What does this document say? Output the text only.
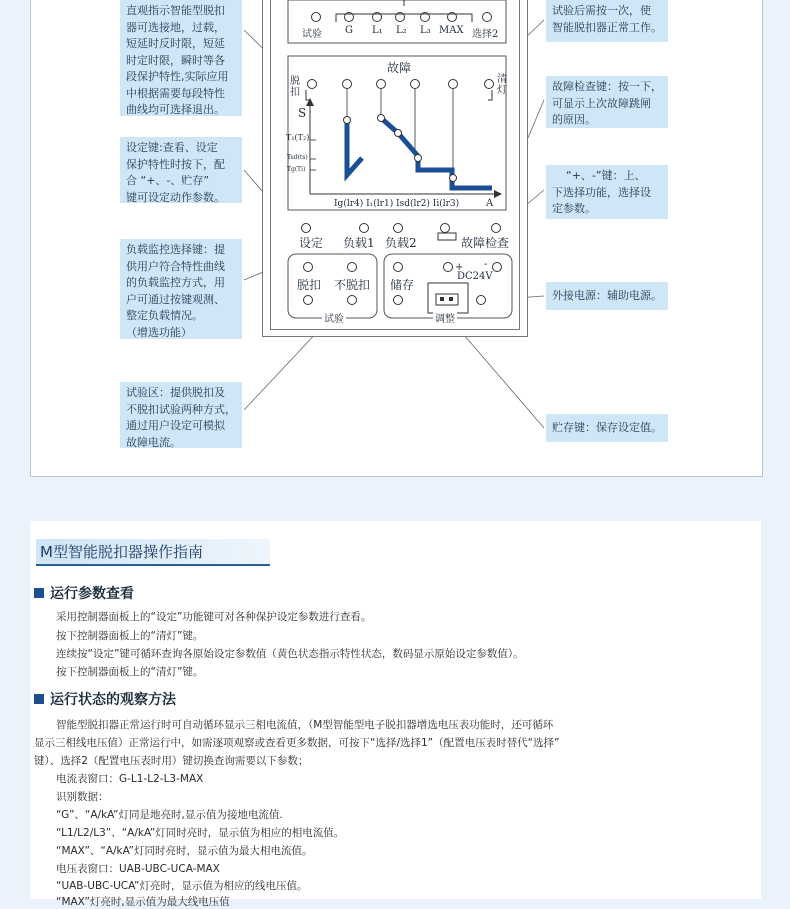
直观指示智能型脱扣
器可选接地，过载，
短延时反时限，短延
时定时限，瞬时等各
段保护特性,实际应用
中根据需要每段特性
曲线均可选择退出。
设定键:查看、设定
保护特性时按下，配
合 “+、-、贮存”
键可设定动作参数。
负载监控选择键：提
供用户符合特性曲线
的负载监控方式，用
户可通过按键观测、
整定负载情况。
（增选功能）
试验区：提供脱扣及
不脱扣试验两种方式，
通过用户设定可模拟
故障电流。
试验后需按一次，使
智能脱扣器正常工作。
故障检查键：按一下，
可显示上次故障跳闸
的原因。
“+、-”键：上、
下选择功能，选择设
定参数。
外接电源：辅助电源。
贮存键：保存设定值。
试验 G L₁ L₂ L₃ MAX 选择2
故障
脱
扣
清
灯
S
A
T₁(T₂)
Tsd(ts)
Tg(Ti)
Ig(lr4) I₁(lr1) Isd(lr2) Ii(lr3)
设定 负载1 负载2	故障检查
脱扣 不脱扣
试验
储存
+ -
DC24V
调整
M型智能脱扣器操作指南
运行参数查看
采用控制器面板上的“设定”功能键可对各种保护设定参数进行查看。
按下控制器面板上的“清灯”键。
连续按“设定”键可循环查询各原始设定参数值（黄色状态指示特性状态，数码显示原始设定参数值）。
按下控制器面板上的“清灯”键。
运行状态的观察方法
智能型脱扣器正常运行时可自动循环显示三相电流值，（M型智能型电子脱扣器增选电压表功能时，还可循环
显示三相线电压值）正常运行中，如需逐项观察或查看更多数据，可按下“选择/选择1”（配置电压表时替代“选择”
键）、选择2（配置电压表时用）键切换查询需要以下参数；
电流表窗口：G-L1-L2-L3-MAX
识别数据：
“G”、“A/kA”灯同是地亮时,显示值为接地电流值.
“L1/L2/L3”、“A/kA”灯同时亮时，显示值为相应的相电流值。
“MAX”、“A/kA”灯同时亮时，显示值为最大相电流值。
电压表窗口：UAB-UBC-UCA-MAX
“UAB-UBC-UCA”灯亮时，显示值为相应的线电压值。
“MAX”灯亮时,显示值为最大线电压值
